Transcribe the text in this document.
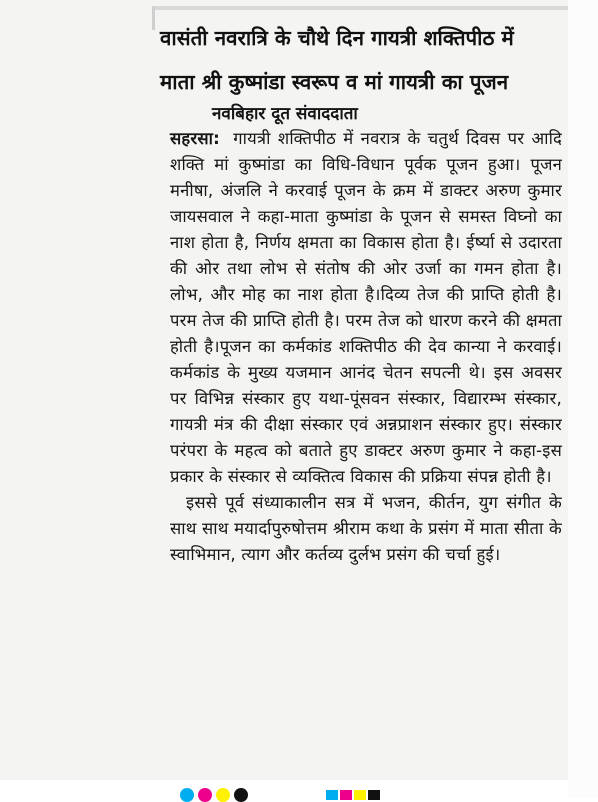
वासंती नवरात्रि के चौथे दिन गायत्री शक्तिपीठ में
माता श्री कुष्मांडा स्वरूप व मां गायत्री का पूजन
नवबिहार दूत संवाददाता

सहरसा: गायत्री शक्तिपीठ में नवरात्र के चतुर्थ दिवस पर आदि शक्ति मां कुष्मांडा का विधि-विधान पूर्वक पूजन हुआ। पूजन मनीषा, अंजलि ने करवाई पूजन के क्रम में डाक्टर अरुण कुमार जायसवाल ने कहा-माता कुष्मांडा के पूजन से समस्त विघ्नो का नाश होता है, निर्णय क्षमता का विकास होता है। ईर्ष्या से उदारता की ओर तथा लोभ से संतोष की ओर उर्जा का गमन होता है। लोभ, और मोह का नाश होता है।दिव्य तेज की प्राप्ति होती है।परम तेज की प्राप्ति होती है। परम तेज को धारण करने की क्षमता होती है।पूजन का कर्मकांड शक्तिपीठ की देव कान्या ने करवाई। कर्मकांड के मुख्य यजमान आनंद चेतन सपत्नी थे। इस अवसर पर विभिन्न संस्कार हुए यथा-पूंसवन संस्कार, विद्यारम्भ संस्कार, गायत्री मंत्र की दीक्षा संस्कार एवं अन्नप्राशन संस्कार हुए। संस्कार परंपरा के महत्व को बताते हुए डाक्टर अरुण कुमार ने कहा-इस प्रकार के संस्कार से व्यक्तित्व विकास की प्रक्रिया संपन्न होती है।

इससे पूर्व संध्याकालीन सत्र में भजन, कीर्तन, युग संगीत के साथ साथ मयार्दापुरुषोत्तम श्रीराम कथा के प्रसंग में माता सीता के स्वाभिमान, त्याग और कर्तव्य दुर्लभ प्रसंग की चर्चा हुई।
